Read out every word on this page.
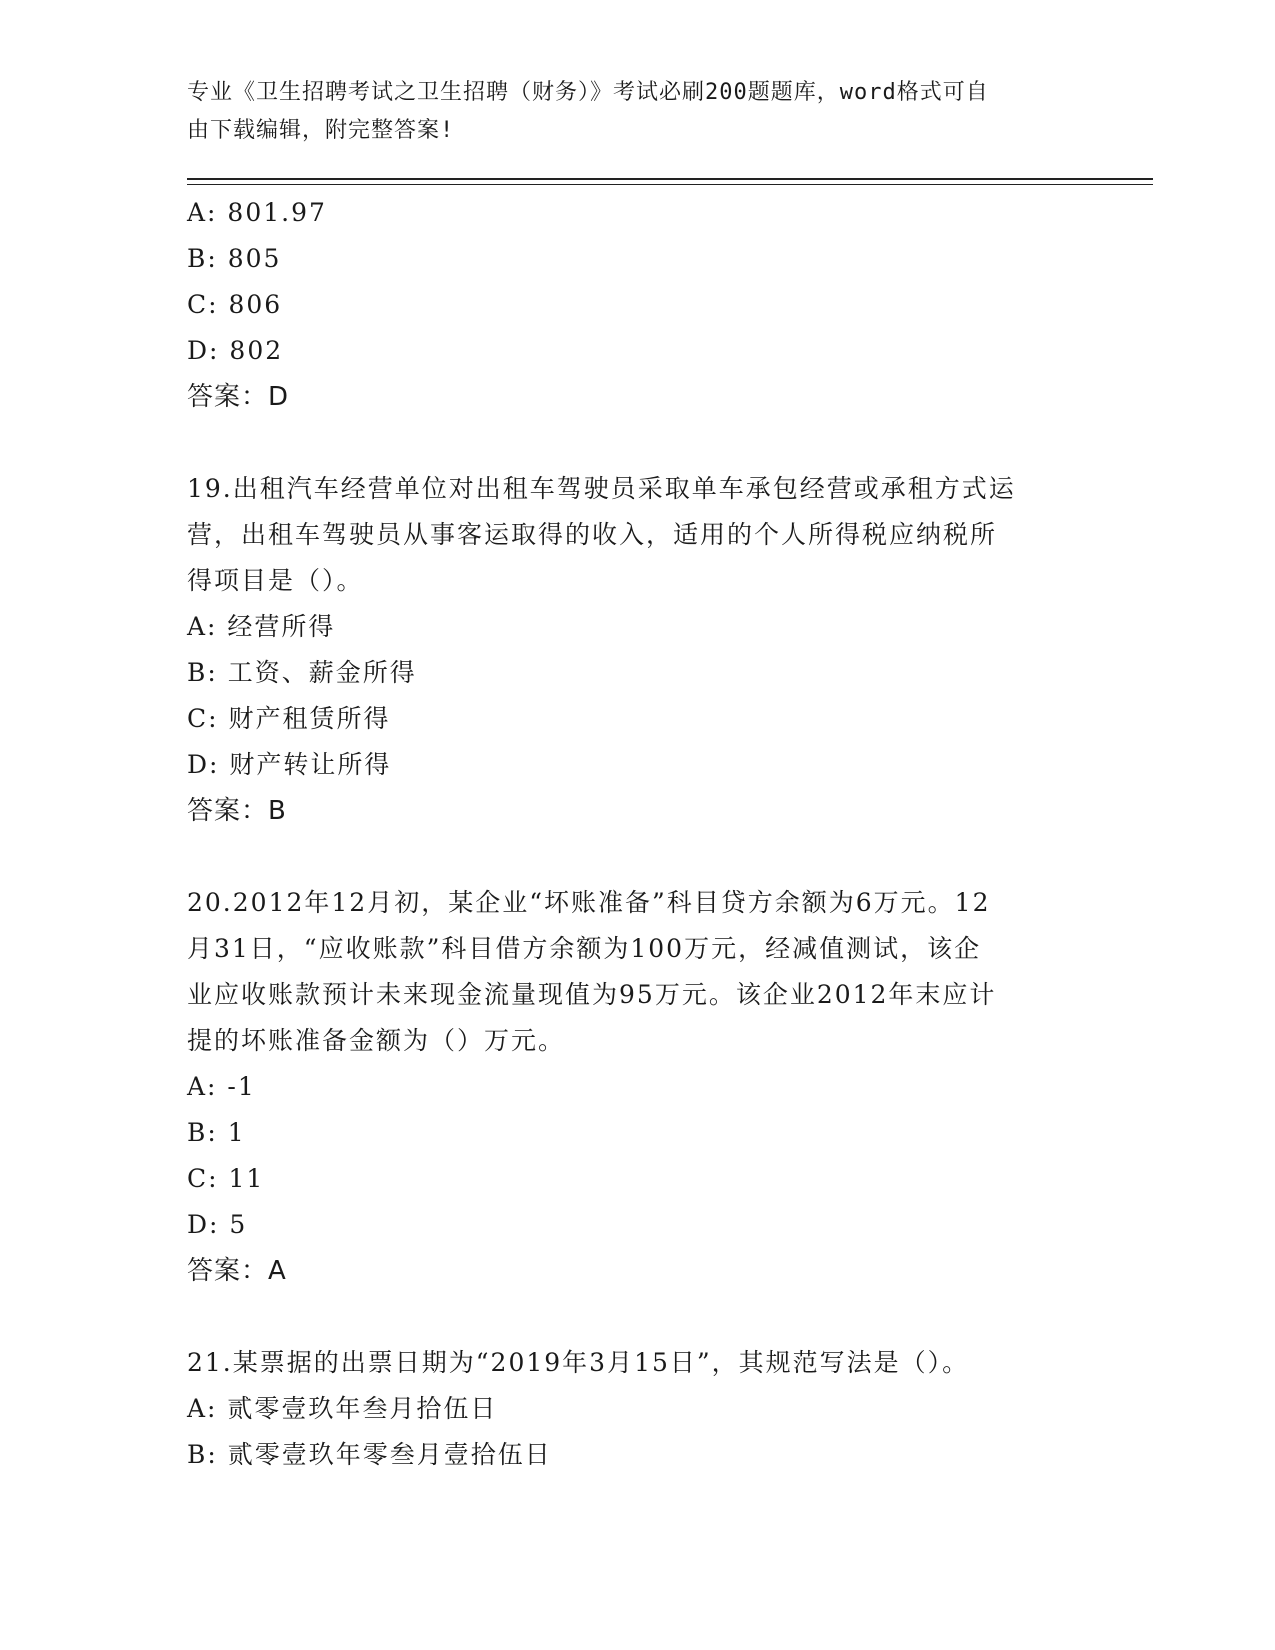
专业《卫生招聘考试之卫生招聘（财务）》考试必刷200题题库，word格式可自
由下载编辑，附完整答案!
A: 801.97
B: 805
C: 806
D: 802
答案：D
19.出租汽车经营单位对出租车驾驶员采取单车承包经营或承租方式运
营，出租车驾驶员从事客运取得的收入，适用的个人所得税应纳税所
得项目是（）。
A: 经营所得
B: 工资、薪金所得
C: 财产租赁所得
D: 财产转让所得
答案：B
20.2012年12月初，某企业“坏账准备”科目贷方余额为6万元。12
月31日，“应收账款”科目借方余额为100万元，经减值测试，该企
业应收账款预计未来现金流量现值为95万元。该企业2012年末应计
提的坏账准备金额为（）万元。
A: -1
B: 1
C: 11
D: 5
答案：A
21.某票据的出票日期为“2019年3月15日”，其规范写法是（）。
A: 贰零壹玖年叁月拾伍日
B: 贰零壹玖年零叁月壹拾伍日
